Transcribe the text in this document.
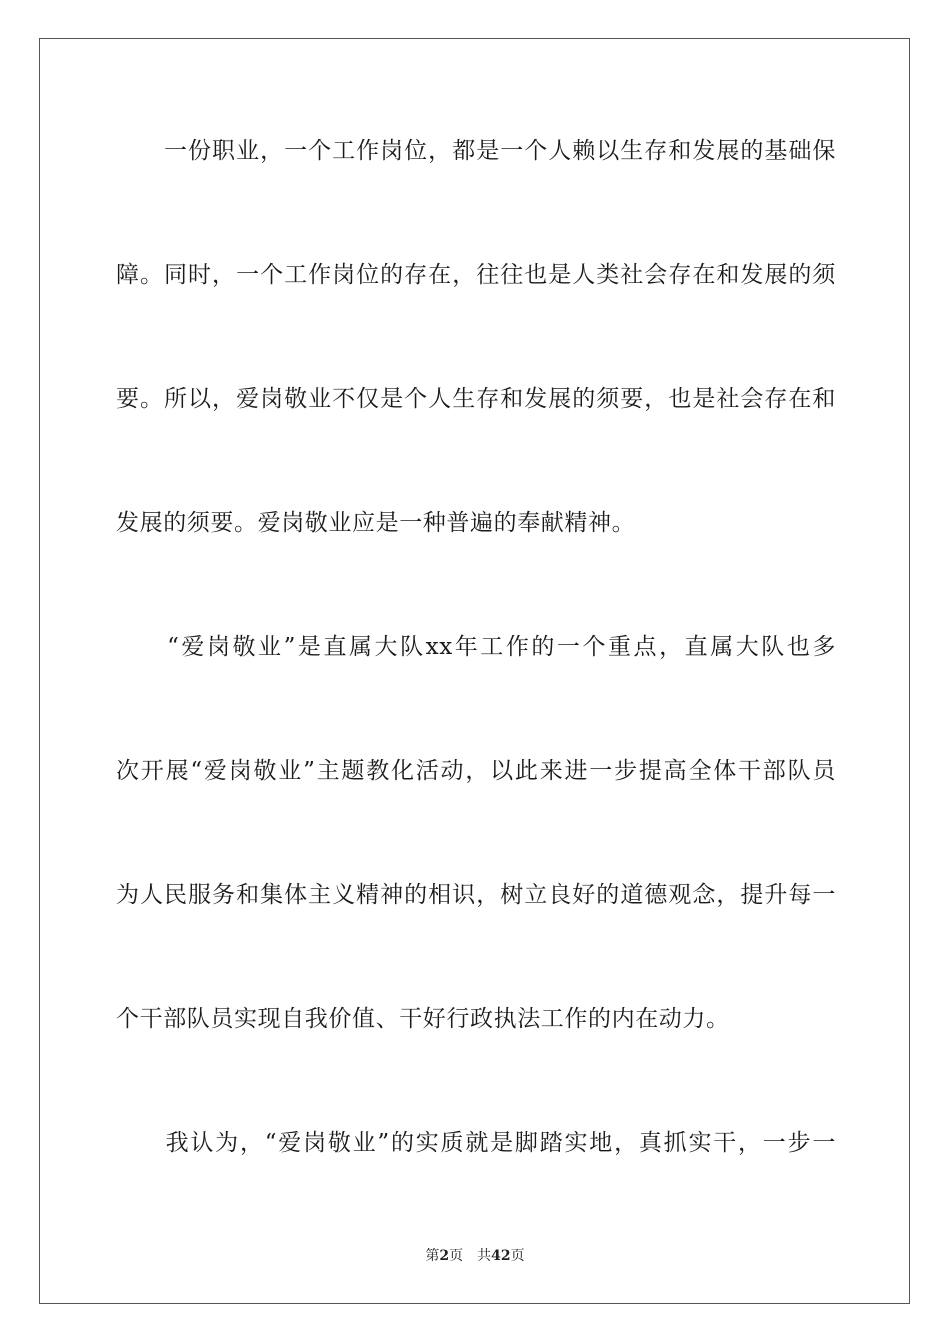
　　一份职业，一个工作岗位，都是一个人赖以生存和发展的基础保
障。同时，一个工作岗位的存在，往往也是人类社会存在和发展的须
要。所以，爱岗敬业不仅是个人生存和发展的须要，也是社会存在和
发展的须要。爱岗敬业应是一种普遍的奉献精神。
　　“爱岗敬业”是直属大队xx年工作的一个重点，直属大队也多
次开展“爱岗敬业”主题教化活动，以此来进一步提高全体干部队员
为人民服务和集体主义精神的相识，树立良好的道德观念，提升每一
个干部队员实现自我价值、干好行政执法工作的内在动力。
　　我认为，“爱岗敬业”的实质就是脚踏实地，真抓实干，一步一
第2页 共42页
